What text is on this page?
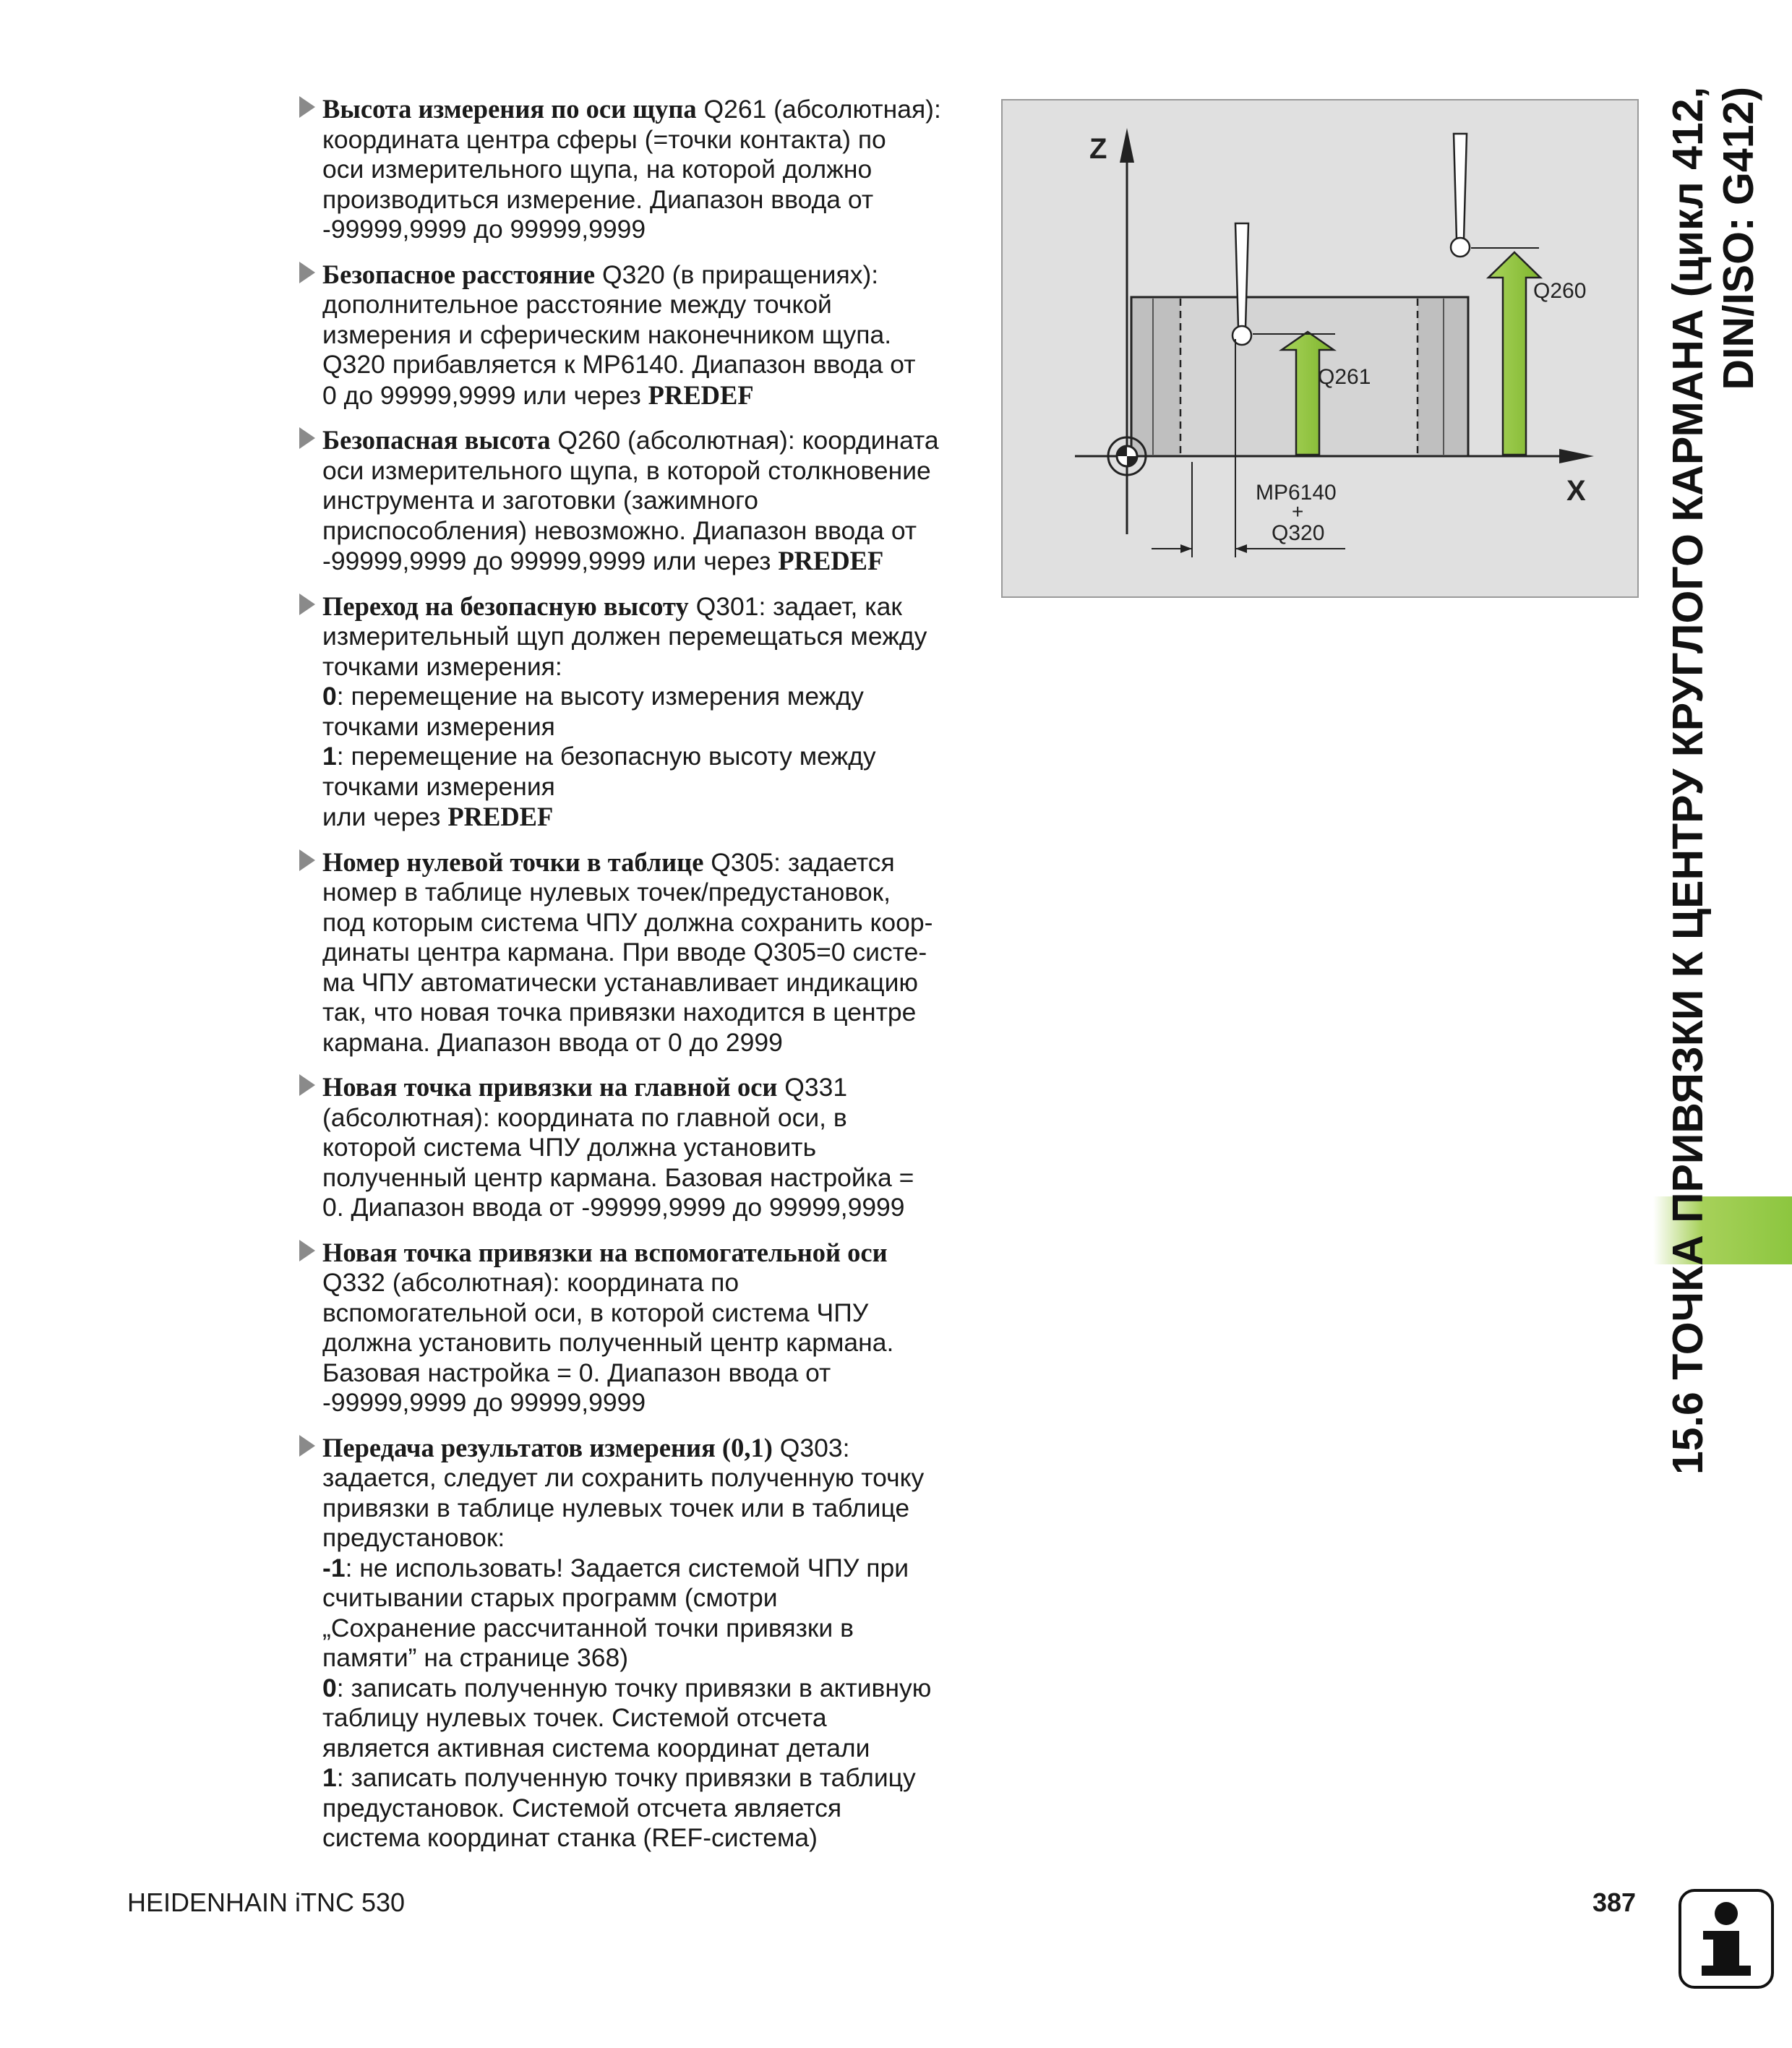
Высота измерения по оси щупа Q261 (абсолютная):
координата центра сферы (=точки контакта) по
оси измерительного щупа, на которой должно
производиться измерение. Диапазон ввода от
-99999,9999 до 99999,9999
Безопасное расстояние Q320 (в приращениях):
дополнительное расстояние между точкой
измерения и сферическим наконечником щупа.
Q320 прибавляется к MP6140. Диапазон ввода от
0 до 99999,9999 или через PREDEF
Безопасная высота Q260 (абсолютная): координата
оси измерительного щупа, в которой столкновение
инструмента и заготовки (зажимного
приспособления) невозможно. Диапазон ввода от
-99999,9999 до 99999,9999 или через PREDEF
Переход на безопасную высоту Q301: задает, как
измерительный щуп должен перемещаться между
точками измерения:
0: перемещение на высоту измерения между
точками измерения
1: перемещение на безопасную высоту между
точками измерения
или через PREDEF
Номер нулевой точки в таблице Q305: задается
номер в таблице нулевых точек/предустановок,
под которым система ЧПУ должна сохранить коор-
динаты центра кармана. При вводе Q305=0 систе-
ма ЧПУ автоматически устанавливает индикацию
так, что новая точка привязки находится в центре
кармана. Диапазон ввода от 0 до 2999
Новая точка привязки на главной оси Q331
(абсолютная): координата по главной оси, в
которой система ЧПУ должна установить
полученный центр кармана. Базовая настройка =
0. Диапазон ввода от -99999,9999 до 99999,9999
Новая точка привязки на вспомогательной оси
Q332 (абсолютная): координата по
вспомогательной оси, в которой система ЧПУ
должна установить полученный центр кармана.
Базовая настройка = 0. Диапазон ввода от
-99999,9999 до 99999,9999
Передача результатов измерения (0,1) Q303:
задается, следует ли сохранить полученную точку
привязки в таблице нулевых точек или в таблице
предустановок:
-1: не использовать! Задается системой ЧПУ при
считывании старых программ (смотри
„Сохранение рассчитанной точки привязки в
памяти” на странице 368)
0: записать полученную точку привязки в активную
таблицу нулевых точек. Системой отсчета
является активная система координат детали
1: записать полученную точку привязки в таблицу
предустановок. Системой отсчета является
система координат станка (REF-система)
Z
X
Q261
Q260
MP6140
+
Q320	15.6 ТОЧКА ПРИВЯЗКИ К ЦЕНТРУ КРУГЛОГО КАРМАНА (цикл 412, DIN/ISO: G412)
HEIDENHAIN iTNC 530	387
